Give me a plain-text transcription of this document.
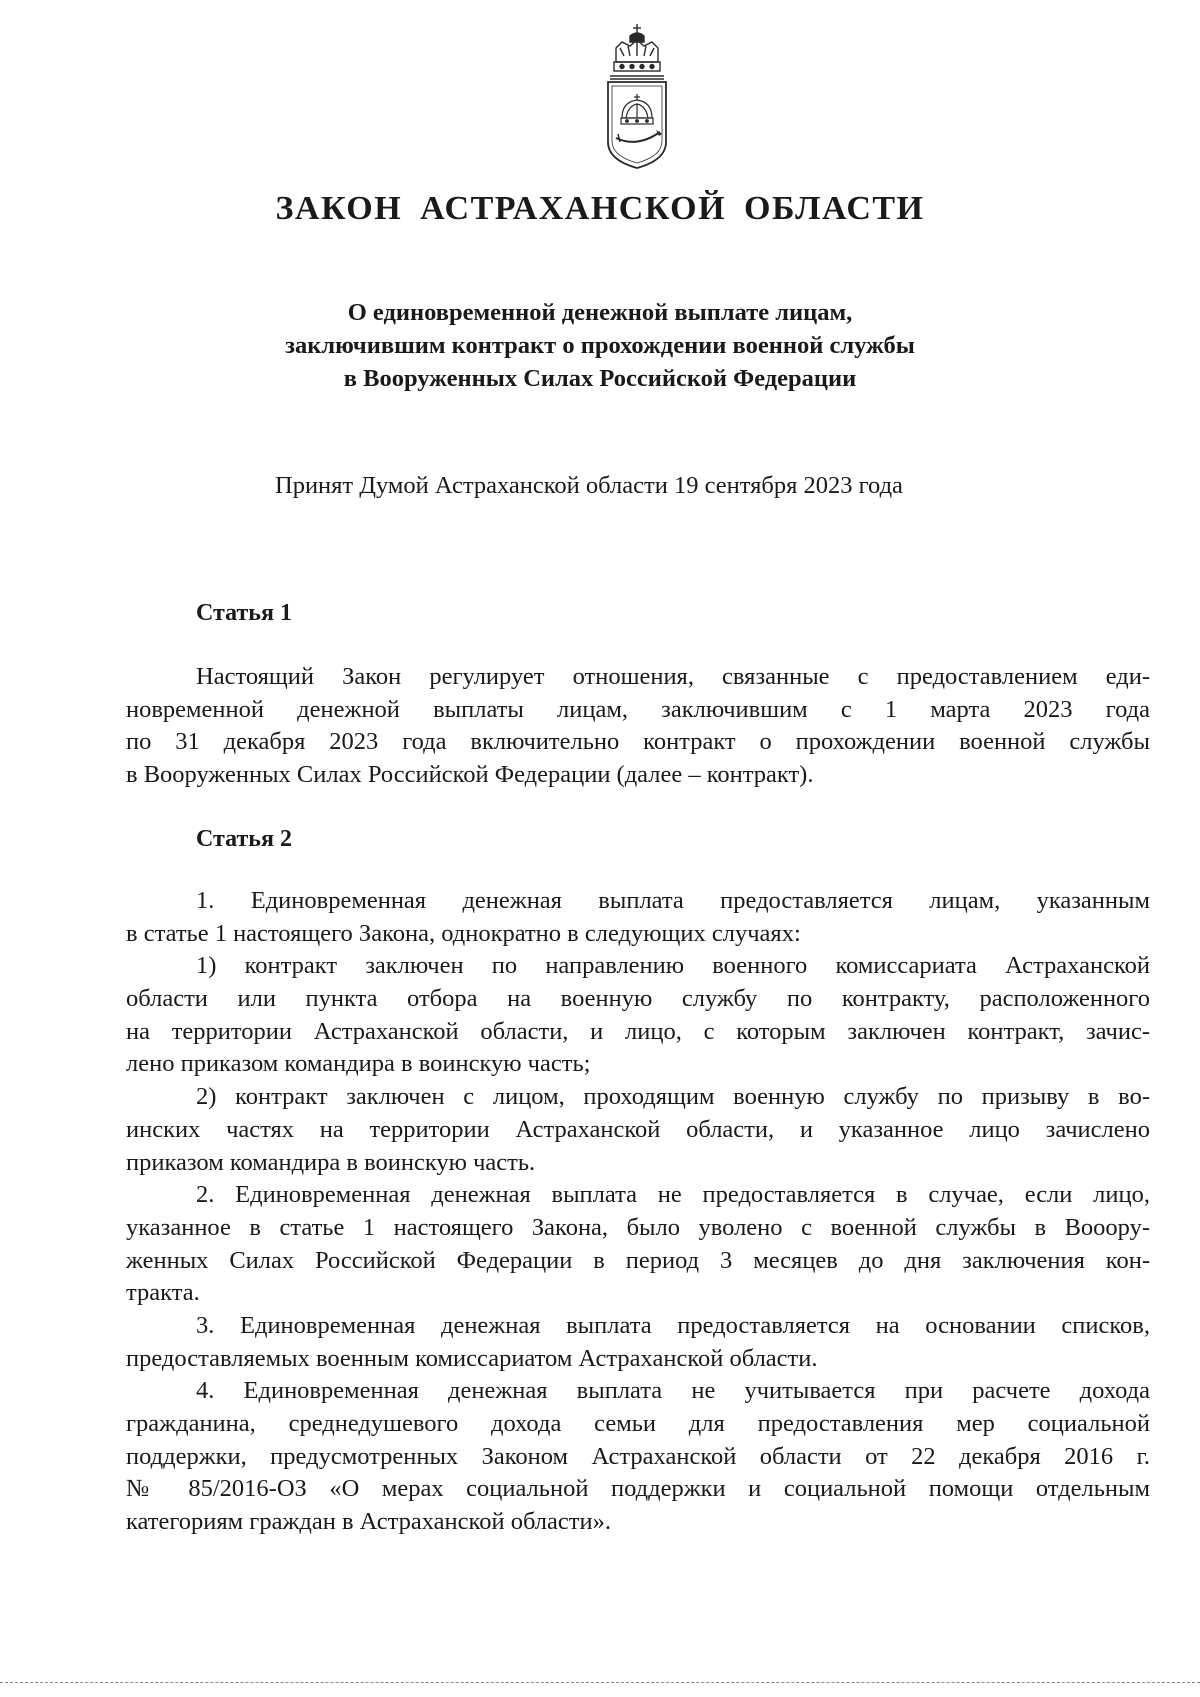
ЗАКОН АСТРАХАНСКОЙ ОБЛАСТИ
О единовременной денежной выплате лицам,
заключившим контракт о прохождении военной службы
в Вооруженных Силах Российской Федерации
Принят Думой Астраханской области 19 сентября 2023 года
Статья 1
Настоящий Закон регулирует отношения, связанные с предоставлением еди-
новременной денежной выплаты лицам, заключившим с 1 марта 2023 года
по 31 декабря 2023 года включительно контракт о прохождении военной службы
в Вооруженных Силах Российской Федерации (далее – контракт).
Статья 2
1. Единовременная денежная выплата предоставляется лицам, указанным
в статье 1 настоящего Закона, однократно в следующих случаях:
1) контракт заключен по направлению военного комиссариата Астраханской
области или пункта отбора на военную службу по контракту, расположенного
на территории Астраханской области, и лицо, с которым заключен контракт, зачис-
лено приказом командира в воинскую часть;
2) контракт заключен с лицом, проходящим военную службу по призыву в во-
инских частях на территории Астраханской области, и указанное лицо зачислено
приказом командира в воинскую часть.
2. Единовременная денежная выплата не предоставляется в случае, если лицо,
указанное в статье 1 настоящего Закона, было уволено с военной службы в Вооору-
женных Силах Российской Федерации в период 3 месяцев до дня заключения кон-
тракта.
3. Единовременная денежная выплата предоставляется на основании списков,
предоставляемых военным комиссариатом Астраханской области.
4. Единовременная денежная выплата не учитывается при расчете дохода
гражданина, среднедушевого дохода семьи для предоставления мер социальной
поддержки, предусмотренных Законом Астраханской области от 22 декабря 2016 г.
№ 85/2016-ОЗ «О мерах социальной поддержки и социальной помощи отдельным
категориям граждан в Астраханской области».
